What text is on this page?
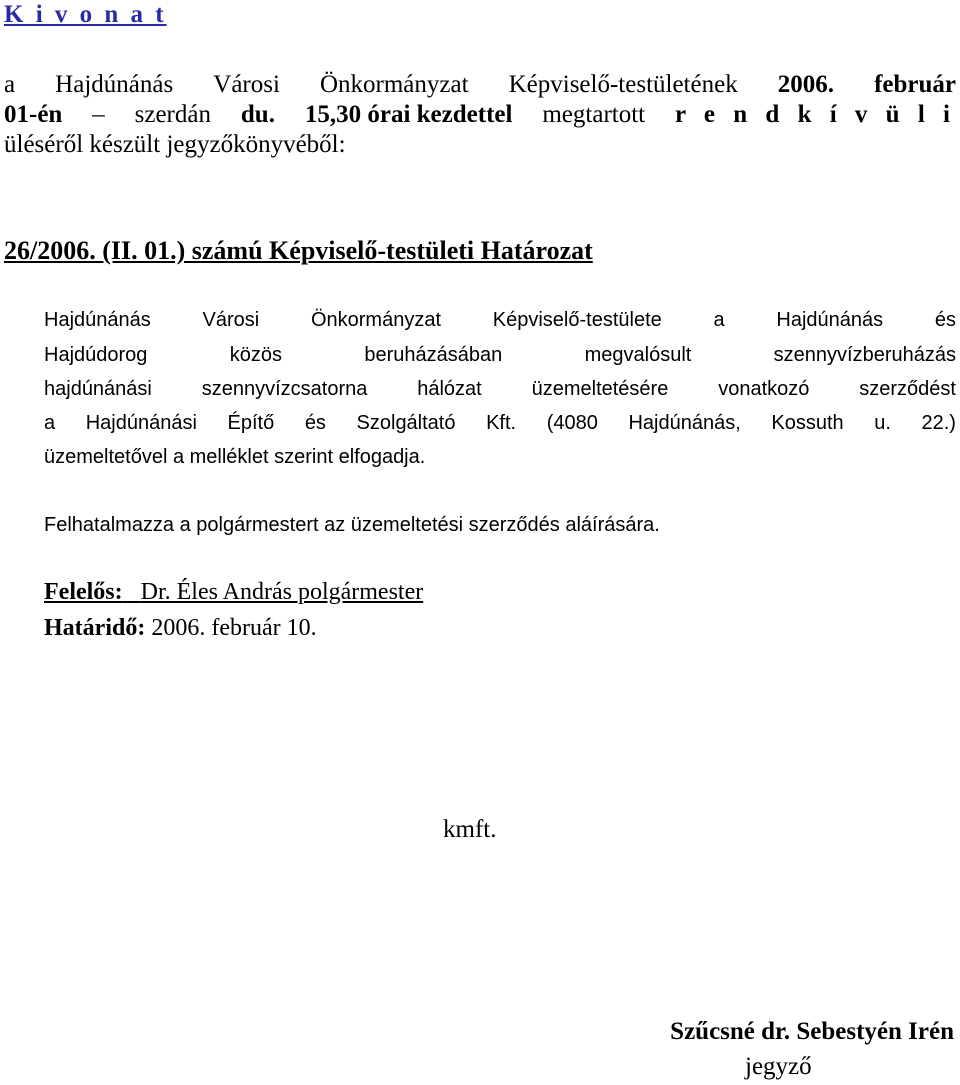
K i v o n a t
a Hajdúnánás Városi Önkormányzat Képviselő-testületének 2006. február
01-én – szerdán du. 15,30 órai kezdettel megtartott r e n d k í v ü l i
üléséről készült jegyzőkönyvéből:
26/2006. (II. 01.) számú Képviselő-testületi Határozat
Hajdúnánás	Városi	Önkormányzat	Képviselő-testülete	a	Hajdúnánás	és
Hajdúdorog	közös	beruházásában	megvalósult	szennyvízberuházás
hajdúnánási szennyvízcsatorna hálózat üzemeltetésére vonatkozó szerződést
a Hajdúnánási Építő és Szolgáltató Kft. (4080 Hajdúnánás, Kossuth u. 22.)
üzemeltetővel a melléklet szerint elfogadja.
Felhatalmazza a polgármestert az üzemeltetési szerződés aláírására.
Felelős: Dr. Éles András polgármester
Határidő: 2006. február 10.
kmft.
Szűcsné dr. Sebestyén Irén
jegyző
